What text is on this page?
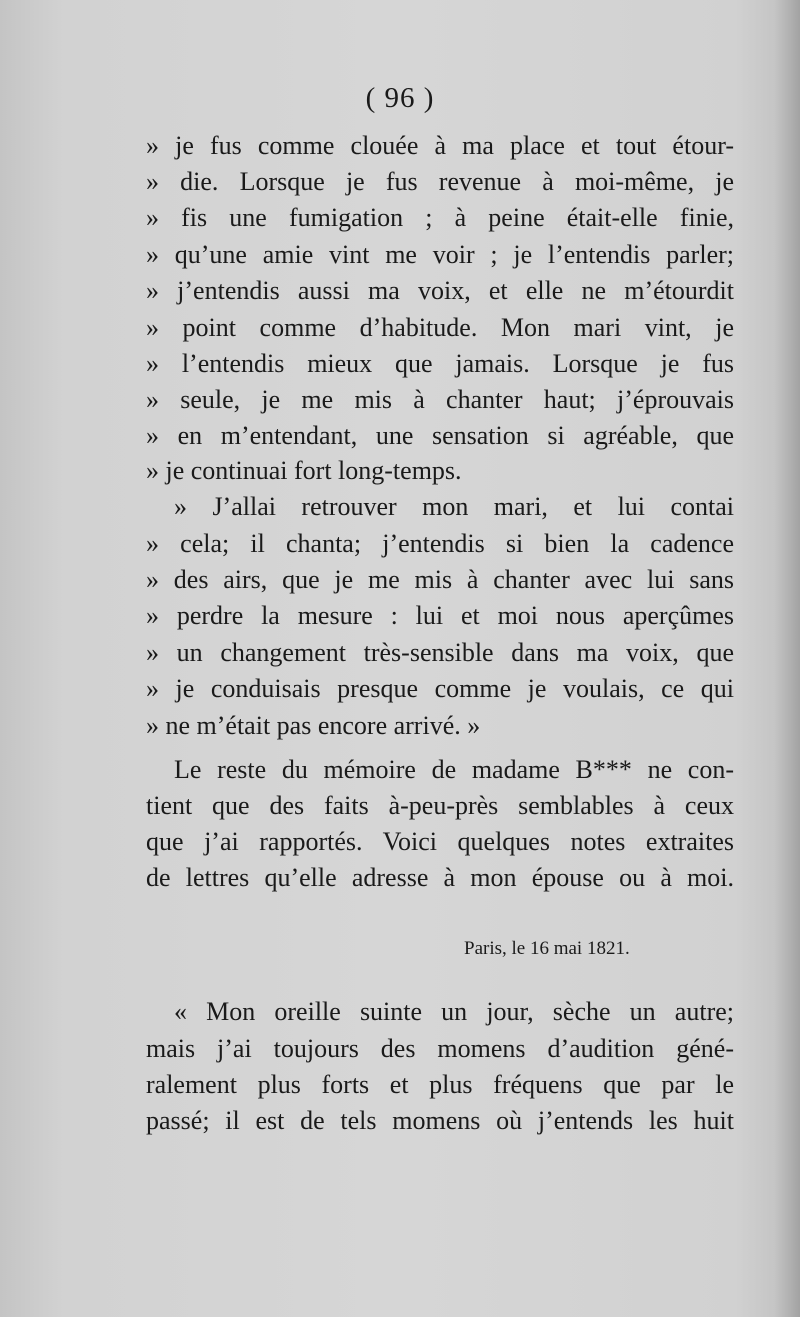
( 96 )
» je fus comme clouée à ma place et tout étour-
» die. Lorsque je fus revenue à moi-même, je
» fis une fumigation ; à peine était-elle finie,
» qu’une amie vint me voir ; je l’entendis parler;
» j’entendis aussi ma voix, et elle ne m’étourdit
» point comme d’habitude. Mon mari vint, je
» l’entendis mieux que jamais. Lorsque je fus
» seule, je me mis à chanter haut; j’éprouvais
» en m’entendant, une sensation si agréable, que
» je continuai fort long-temps.
» J’allai retrouver mon mari, et lui contai
» cela; il chanta; j’entendis si bien la cadence
» des airs, que je me mis à chanter avec lui sans
» perdre la mesure : lui et moi nous aperçûmes
» un changement très-sensible dans ma voix, que
» je conduisais presque comme je voulais, ce qui
» ne m’était pas encore arrivé. »
Le reste du mémoire de madame B*** ne con-
tient que des faits à-peu-près semblables à ceux
que j’ai rapportés. Voici quelques notes extraites
de lettres qu’elle adresse à mon épouse ou à moi.
Paris, le 16 mai 1821.
« Mon oreille suinte un jour, sèche un autre;
mais j’ai toujours des momens d’audition géné-
ralement plus forts et plus fréquens que par le
passé; il est de tels momens où j’entends les huit
